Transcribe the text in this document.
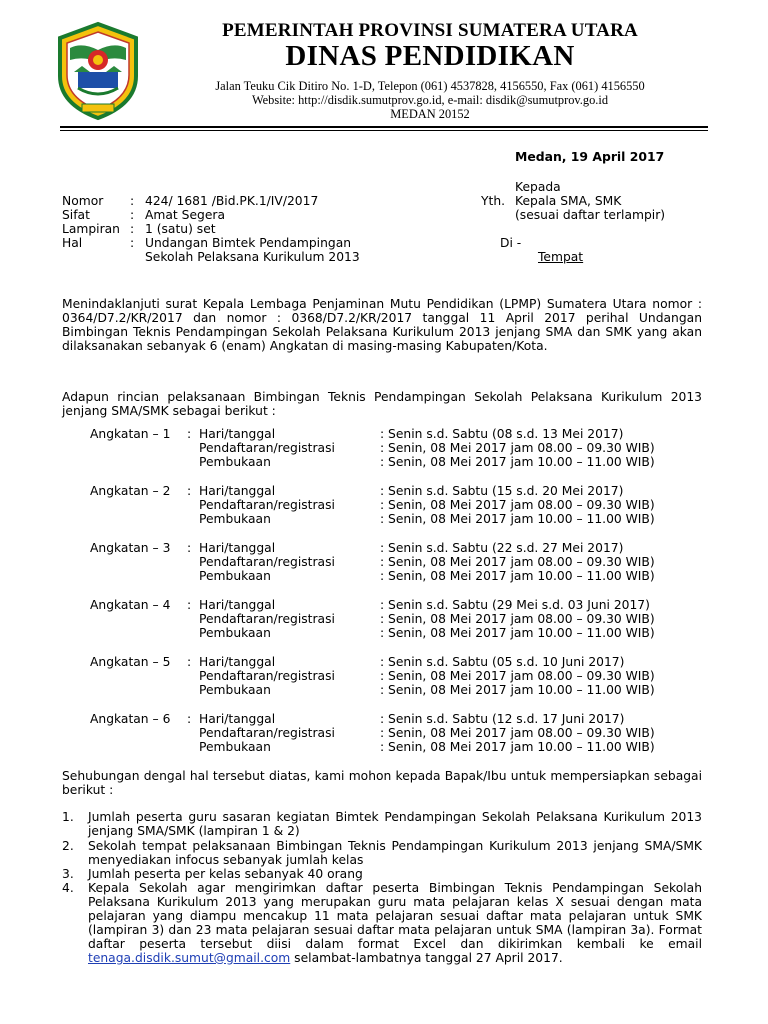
PEMERINTAH PROVINSI SUMATERA UTARA
DINAS PENDIDIKAN
Jalan Teuku Cik Ditiro No. 1-D, Telepon (061) 4537828, 4156550, Fax (061) 4156550
Website: http://disdik.sumutprov.go.id, e-mail: disdik@sumutprov.go.id
MEDAN 20152
Medan, 19 April 2017
Nomor : 424/ 1681 /Bid.PK.1/IV/2017
Sifat	: Amat Segera
Lampiran : 1 (satu) set
Hal	: Undangan Bimtek Pendampingan
Sekolah Pelaksana Kurikulum 2013
Kepada
Yth. Kepala SMA, SMK
(sesuai daftar terlampir)
Di -
Tempat
Menindaklanjuti surat Kepala Lembaga Penjaminan Mutu Pendidikan (LPMP) Sumatera Utara nomor : 0364/D7.2/KR/2017 dan nomor : 0368/D7.2/KR/2017 tanggal 11 April 2017 perihal Undangan Bimbingan Teknis Pendampingan Sekolah Pelaksana Kurikulum 2013 jenjang SMA dan SMK yang akan dilaksanakan sebanyak 6 (enam) Angkatan di masing-masing Kabupaten/Kota.
Adapun rincian pelaksanaan Bimbingan Teknis Pendampingan Sekolah Pelaksana Kurikulum 2013 jenjang SMA/SMK sebagai berikut :
Angkatan – 1 : Hari/tanggal	: Senin s.d. Sabtu (08 s.d. 13 Mei 2017)
Pendaftaran/registrasi	: Senin, 08 Mei 2017 jam 08.00 – 09.30 WIB)
Pembukaan	: Senin, 08 Mei 2017 jam 10.00 – 11.00 WIB)
Angkatan – 2 : Hari/tanggal	: Senin s.d. Sabtu (15 s.d. 20 Mei 2017)
Pendaftaran/registrasi	: Senin, 08 Mei 2017 jam 08.00 – 09.30 WIB)
Pembukaan	: Senin, 08 Mei 2017 jam 10.00 – 11.00 WIB)
Angkatan – 3 : Hari/tanggal	: Senin s.d. Sabtu (22 s.d. 27 Mei 2017)
Pendaftaran/registrasi	: Senin, 08 Mei 2017 jam 08.00 – 09.30 WIB)
Pembukaan	: Senin, 08 Mei 2017 jam 10.00 – 11.00 WIB)
Angkatan – 4 : Hari/tanggal	: Senin s.d. Sabtu (29 Mei s.d. 03 Juni 2017)
Pendaftaran/registrasi	: Senin, 08 Mei 2017 jam 08.00 – 09.30 WIB)
Pembukaan	: Senin, 08 Mei 2017 jam 10.00 – 11.00 WIB)
Angkatan – 5 : Hari/tanggal	: Senin s.d. Sabtu (05 s.d. 10 Juni 2017)
Pendaftaran/registrasi	: Senin, 08 Mei 2017 jam 08.00 – 09.30 WIB)
Pembukaan	: Senin, 08 Mei 2017 jam 10.00 – 11.00 WIB)
Angkatan – 6 : Hari/tanggal	: Senin s.d. Sabtu (12 s.d. 17 Juni 2017)
Pendaftaran/registrasi	: Senin, 08 Mei 2017 jam 08.00 – 09.30 WIB)
Pembukaan	: Senin, 08 Mei 2017 jam 10.00 – 11.00 WIB)
Sehubungan dengal hal tersebut diatas, kami mohon kepada Bapak/Ibu untuk mempersiapkan sebagai berikut :
1. Jumlah peserta guru sasaran kegiatan Bimtek Pendampingan Sekolah Pelaksana Kurikulum 2013 jenjang SMA/SMK (lampiran 1 & 2)
2. Sekolah tempat pelaksanaan Bimbingan Teknis Pendampingan Kurikulum 2013 jenjang SMA/SMK menyediakan infocus sebanyak jumlah kelas
3. Jumlah peserta per kelas sebanyak 40 orang
4. Kepala Sekolah agar mengirimkan daftar peserta Bimbingan Teknis Pendampingan Sekolah Pelaksana Kurikulum 2013 yang merupakan guru mata pelajaran kelas X sesuai dengan mata pelajaran yang diampu mencakup 11 mata pelajaran sesuai daftar mata pelajaran untuk SMK (lampiran 3) dan 23 mata pelajaran sesuai daftar mata pelajaran untuk SMA (lampiran 3a). Format daftar peserta tersebut diisi dalam format Excel dan dikirimkan kembali ke email tenaga.disdik.sumut@gmail.com selambat-lambatnya tanggal 27 April 2017.
